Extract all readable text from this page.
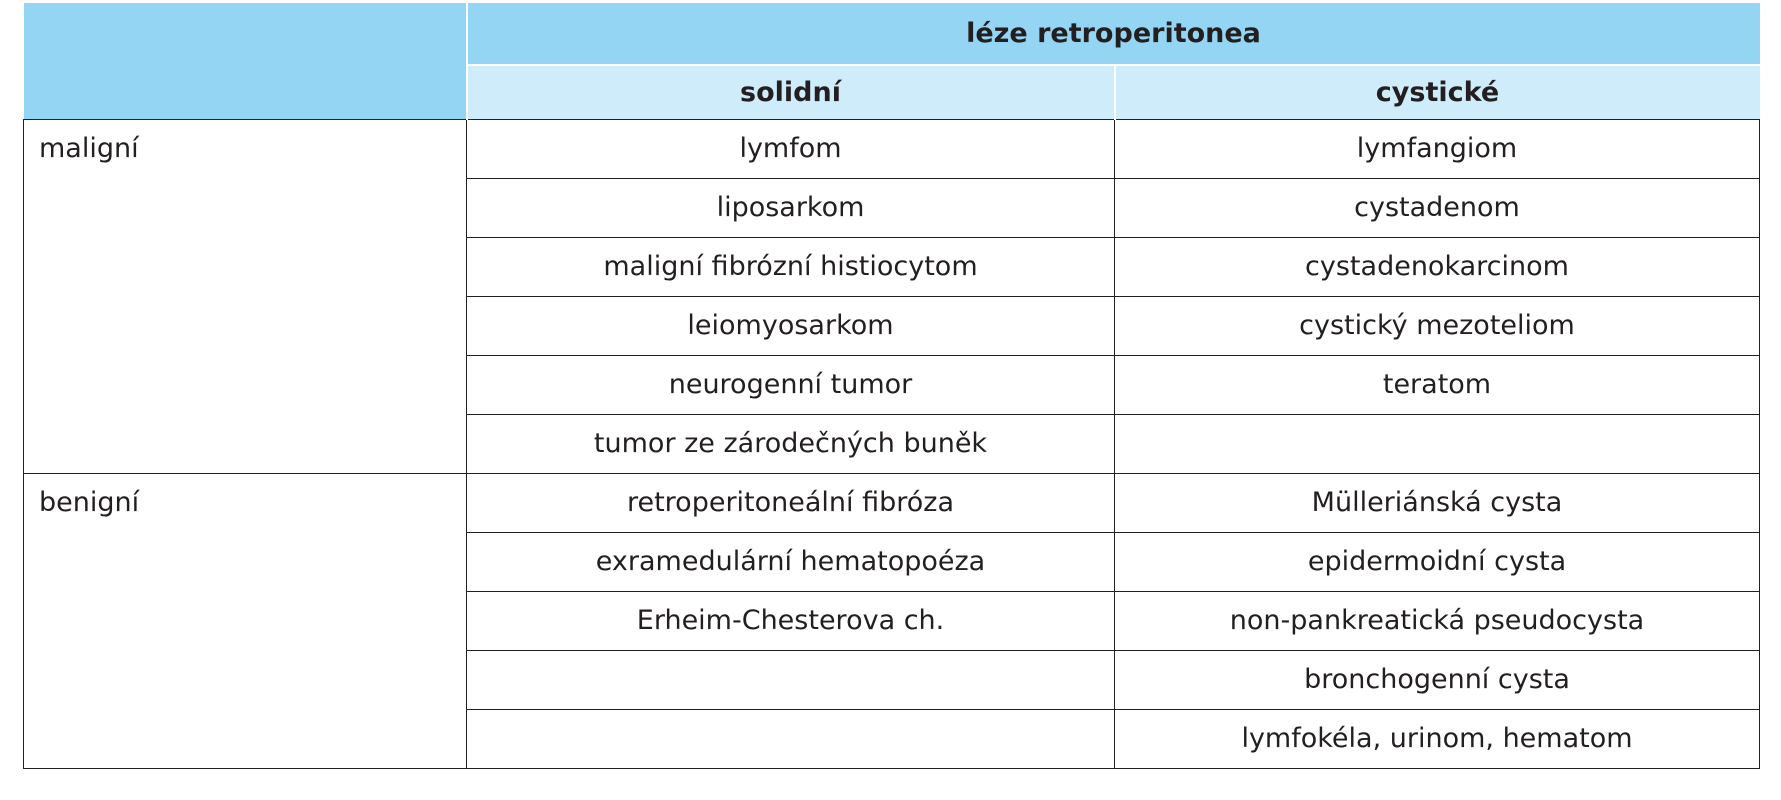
	léze retroperitonea	
	solidní	cystické
maligní	lymfom	lymfangiom
	liposarkom	cystadenom
	maligní fibrózní histiocytom	cystadenokarcinom
	leiomyosarkom	cystický mezoteliom
	neurogenní tumor	teratom
	tumor ze zárodečných buněk	
benigní	retroperitoneální fibróza	Mülleriánská cysta
	exramedulární hematopoéza	epidermoidní cysta
	Erheim-Chesterova ch.	non-pankreatická pseudocysta
		bronchogenní cysta
		lymfokéla, urinom, hematom
